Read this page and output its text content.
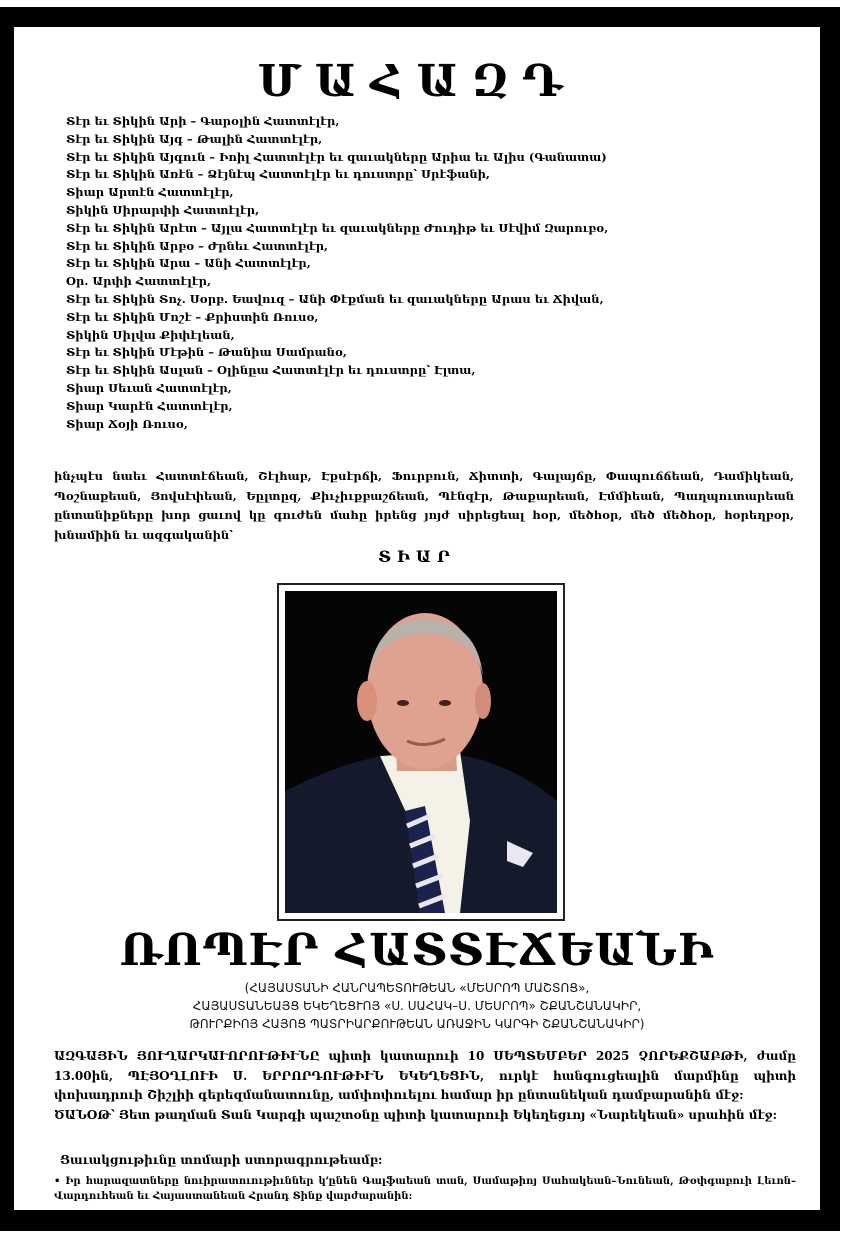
ՄԱՀԱԶԴ
Տէր եւ Տիկին Արի – Գարօլին Հատտէլէր,
Տէր եւ Տիկին Այգ – Թալին Հատտէլէր,
Տէր եւ Տիկին Այգուն – Իոիլ Հատտէլէր եւ զաւակները Արիա եւ Ալիս (Գանատա)
Տէր եւ Տիկին Առէն – Ձէյնէպ Հատտէլէր եւ դուստրը՝ Սրէֆանի,
Տիար Արտէն Հատտէլէր,
Տիկին Սիրարփի Հատտէլէր,
Տէր եւ Տիկին Արէտ – Այլա Հատտէլէր եւ զաւակները Ժուդիթ եւ Սէվիմ Զարուբօ,
Տէր եւ Տիկին Արբօ – Ժրնեւ Հատտէլէր,
Տէր եւ Տիկին Արա – Անի Հատտէլէր,
Օր. Արփի Հատտէլէր,
Տէր եւ Տիկին Տոչ. Սօրբ. Եավուզ – Անի Փէքման եւ զաւակները Արաս եւ Ճիվան,
Տէր եւ Տիկին Մոշէ – Քրիստին Ռուսօ,
Տիկին Սիլվա Քիփէլեան,
Տէր եւ Տիկին Մէթին – Թանիա Սամրանօ,
Տէր եւ Տիկին Ասլան – Օլինըա Հատտէլէր եւ դուստրը՝ Էլտա,
Տիար Սեւան Հատտէլէր,
Տիար Կարէն Հատտէլէր,
Տիար Ճօյի Ռուսօ,
ինչպէս նաեւ Հատտէճեան, Շէլհաբ, Էքսէրճի, Ֆուրբուն, Ճիտտի, Գալայճը, Փապուճճեան, Դամիկեան, Պօշնաքեան, Յովսէփեան, Եըլտըզ, Քիւչիւքբաշճեան, Պէնզէր, Թաքարեան, Էմմիեան, Պաղպուտարեան ընտանիքները խոր ցաւով կը գուժեն մահը իրենց յոյժ սիրեցեալ հօր, մեծհօր, մեծ մեծհօր, հօրեղբօր, խնամիին եւ ազգականին՝
ՏԻԱՐ
ՌՈՊԷՐ ՀԱՏՏԷՃԵԱՆԻ
(ՀԱՅԱՍՏԱՆԻ ՀԱՆՐԱՊԵՏՈՒԹԵԱՆ «ՄԵՍՐՈՊ ՄԱՇՏՈՑ»,
ՀԱՅԱՍՏԱՆԵԱՅՑ ԵԿԵՂԵՑՒՈՅ «Ս. ՍԱՀԱԿ–Ս. ՄԵՍՐՈՊ» ՇՔԱՆՇԱՆԱԿԻՐ,
ԹՈՒՐՔԻՈՅ ՀԱՅՈՑ ՊԱՏՐԻԱՐՔՈՒԹԵԱՆ ԱՌԱՋԻՆ ԿԱՐԳԻ ՇՔԱՆՇԱՆԱԿԻՐ)
ԱԶԳԱՅԻՆ ՅՈՒՂԱՐԿԱՒՈՐՈՒԹԻՒՆԸ պիտի կատարուի 10 ՍԵՊՏԵՄԲԵՐ 2025 ՉՈՐԵՔՇԱԲԹԻ, ժամը 13.00ին, ՊԷՅՕՂԼՈՒԻ Ս. ԵՐՐՈՐԴՈՒԹԻՒՆ ԵԿԵՂԵՑԻՆ, ուրկէ հանգուցեալին մարմինը պիտի փոխադրուի Շիշլիի գերեզմանատունը, ամփոփուելու համար իր ընտանեկան դամբարանին մէջ:
ԾԱՆՕԹ՝ Յետ թաղման Տան Կարգի պաշտօնը պիտի կատարուի Եկեղեցւոյ «Նարեկեան» սրահին մէջ:
Ցաւակցութիւնը տոմարի ստորագրութեամբ:
• Իր հարազատները նուիրատուութիւններ կ՚ընեն Գալֆաեան տան, Սամաթիոյ Սահակեան–Նունեան, Թօփգաբուի Լեւոն–Վարդուհեան եւ Հայաստանեան Հրանդ Տինք վարժարանին:
